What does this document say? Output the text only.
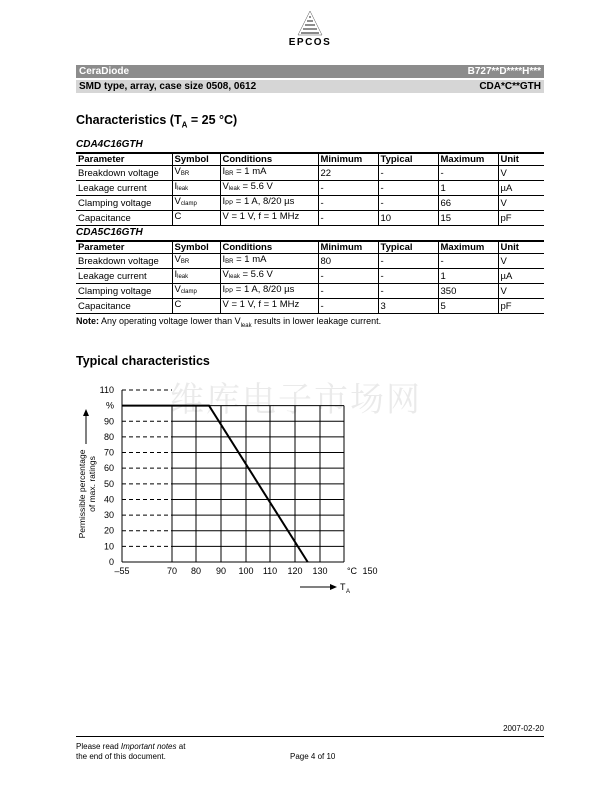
EPCOS
CeraDiode	B727**D****H***
SMD type, array, case size 0508, 0612	CDA*C**GTH
Characteristics ($T_A = 25$ °C)
CDA4C16GTH
Parameter	Symbol	Conditions	Minimum	Typical	Maximum	Unit
Breakdown voltage	$V_{BR}$	$I_{BR} = 1$ mA	22	-	-	V
Leakage current	$I_{leak}$	$V_{leak} = 5.6$ V	-	-	1	µA
Clamping voltage	$V_{clamp}$	$I_{PP} = 1$ A, 8/20 µs	-	-	66	V
Capacitance	C	V = 1 V, f = 1 MHz	-	10	15	pF
CDA5C16GTH
Parameter	Symbol	Conditions	Minimum	Typical	Maximum	Unit
Breakdown voltage	$V_{BR}$	$I_{BR} = 1$ mA	80	-	-	V
Leakage current	$I_{leak}$	$V_{leak} = 5.6$ V	-	-	1	µA
Clamping voltage	$V_{clamp}$	$I_{PP} = 1$ A, 8/20 µs	-	-	350	V
Capacitance	C	V = 1 V, f = 1 MHz	-	3	5	pF
Note: Any operating voltage lower than $V_{leak}$ results in lower leakage current.
Typical characteristics
维库电子市场网
0
10
20
30
40
50
60
70
80
90
110
%
–55	70 80 90 100 110 120 130	150
°C
T A
Permissible percentage of max. ratings
2007-02-20
Please read Important notes at
the end of this document.	Page 4 of 10
